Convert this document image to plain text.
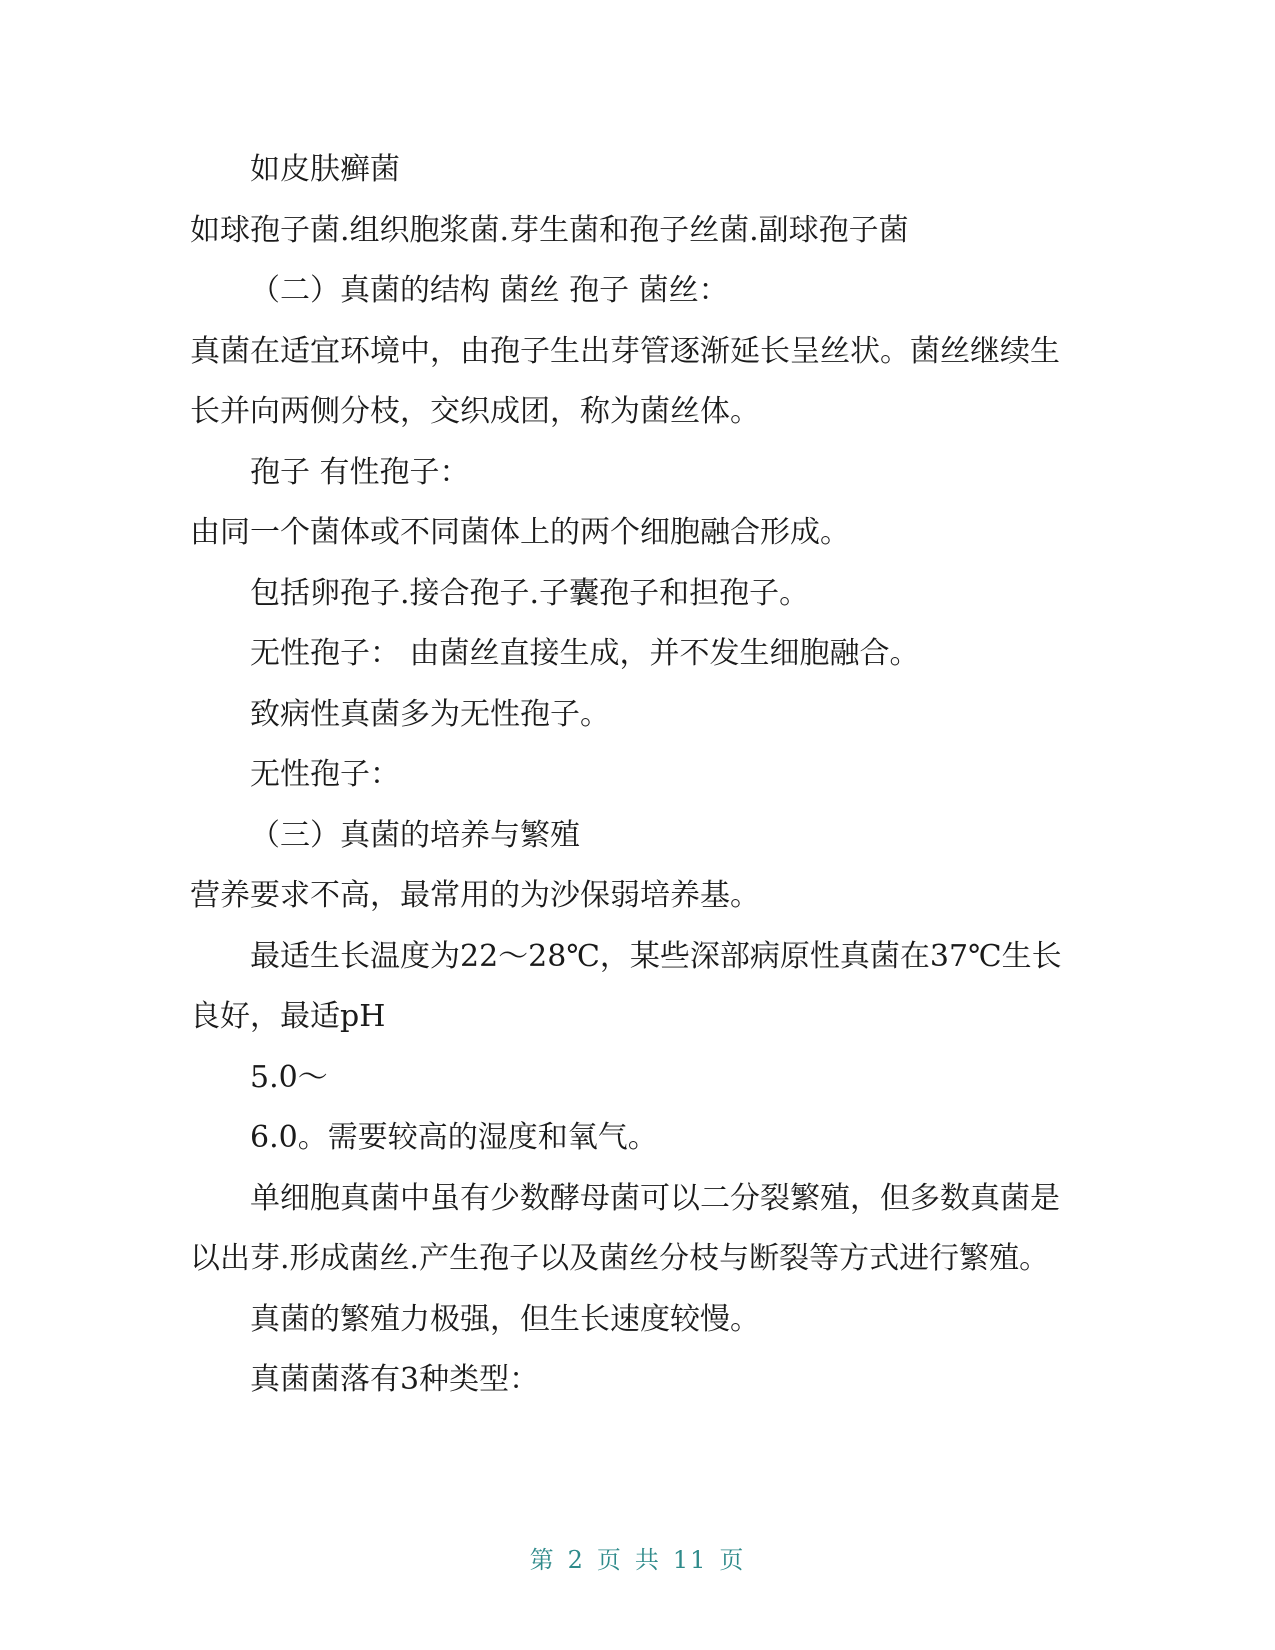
如皮肤癣菌

如球孢子菌.组织胞浆菌.芽生菌和孢子丝菌.副球孢子菌

（二）真菌的结构 菌丝 孢子 菌丝：

真菌在适宜环境中，由孢子生出芽管逐渐延长呈丝状。菌丝继续生长并向两侧分枝，交织成团，称为菌丝体。

孢子 有性孢子：

由同一个菌体或不同菌体上的两个细胞融合形成。

包括卵孢子.接合孢子.子囊孢子和担孢子。

无性孢子： 由菌丝直接生成，并不发生细胞融合。

致病性真菌多为无性孢子。

无性孢子：

（三）真菌的培养与繁殖

营养要求不高，最常用的为沙保弱培养基。

最适生长温度为22～28℃，某些深部病原性真菌在37℃生长良好，最适pH

5.0～

6.0。需要较高的湿度和氧气。

单细胞真菌中虽有少数酵母菌可以二分裂繁殖，但多数真菌是以出芽.形成菌丝.产生孢子以及菌丝分枝与断裂等方式进行繁殖。

真菌的繁殖力极强，但生长速度较慢。

真菌菌落有3种类型：

第 2 页 共 11 页
